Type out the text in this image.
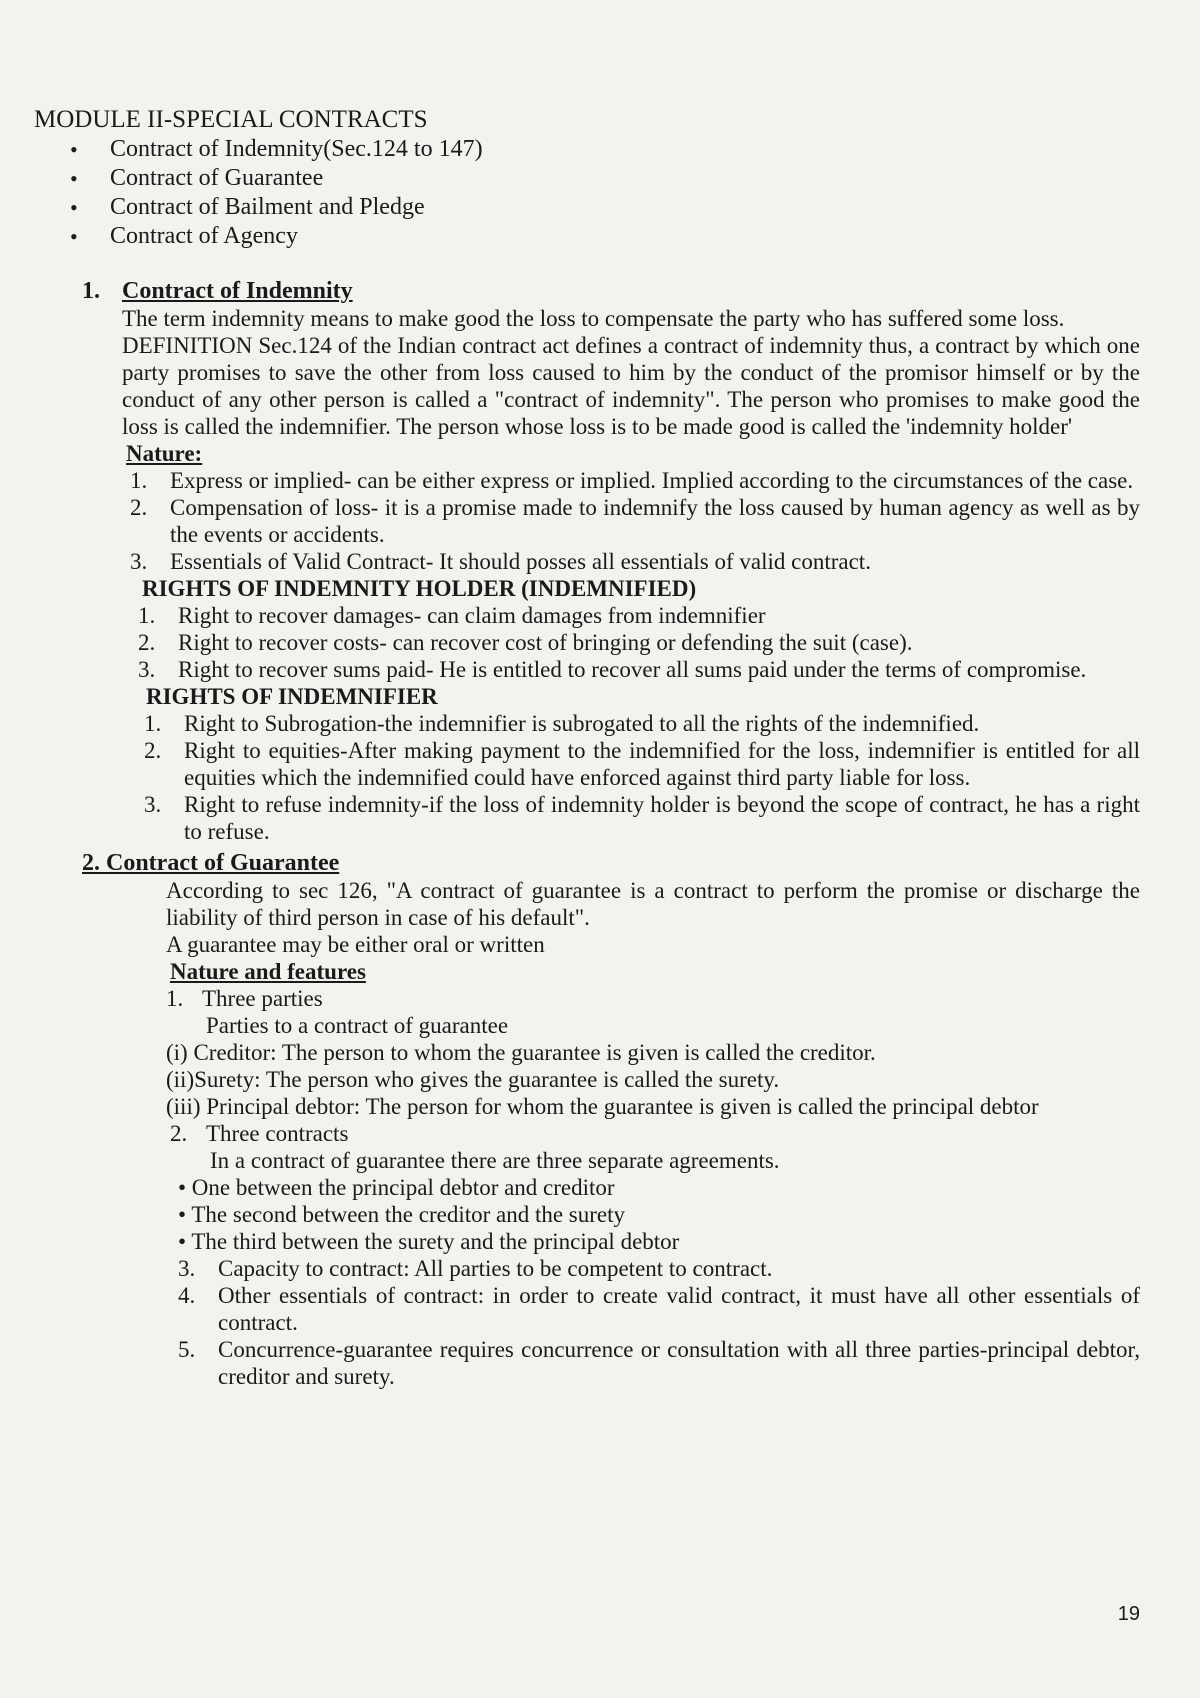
MODULE II-SPECIAL CONTRACTS
• Contract of Indemnity(Sec.124 to 147)
• Contract of Guarantee
• Contract of Bailment and Pledge
• Contract of Agency
1. Contract of Indemnity
The term indemnity means to make good the loss to compensate the party who has suffered some loss.
DEFINITION Sec.124 of the Indian contract act defines a contract of indemnity thus, a contract by which one party promises to save the other from loss caused to him by the conduct of the promisor himself or by the conduct of any other person is called a "contract of indemnity". The person who promises to make good the loss is called the indemnifier. The person whose loss is to be made good is called the 'indemnity holder'
Nature:
1. Express or implied- can be either express or implied. Implied according to the circumstances of the case.
2. Compensation of loss- it is a promise made to indemnify the loss caused by human agency as well as by the events or accidents.
3. Essentials of Valid Contract- It should posses all essentials of valid contract.
RIGHTS OF INDEMNITY HOLDER (INDEMNIFIED)
1. Right to recover damages- can claim damages from indemnifier
2. Right to recover costs- can recover cost of bringing or defending the suit (case).
3. Right to recover sums paid- He is entitled to recover all sums paid under the terms of compromise.
RIGHTS OF INDEMNIFIER
1. Right to Subrogation-the indemnifier is subrogated to all the rights of the indemnified.
2. Right to equities-After making payment to the indemnified for the loss, indemnifier is entitled for all equities which the indemnified could have enforced against third party liable for loss.
3. Right to refuse indemnity-if the loss of indemnity holder is beyond the scope of contract, he has a right to refuse.
2. Contract of Guarantee
According to sec 126, "A contract of guarantee is a contract to perform the promise or discharge the liability of third person in case of his default".
A guarantee may be either oral or written
Nature and features
1. Three parties
Parties to a contract of guarantee
(i) Creditor: The person to whom the guarantee is given is called the creditor.
(ii)Surety: The person who gives the guarantee is called the surety.
(iii) Principal debtor: The person for whom the guarantee is given is called the principal debtor
2. Three contracts
In a contract of guarantee there are three separate agreements.
• One between the principal debtor and creditor
• The second between the creditor and the surety
• The third between the surety and the principal debtor
3. Capacity to contract: All parties to be competent to contract.
4. Other essentials of contract: in order to create valid contract, it must have all other essentials of contract.
5. Concurrence-guarantee requires concurrence or consultation with all three parties-principal debtor, creditor and surety.
19
